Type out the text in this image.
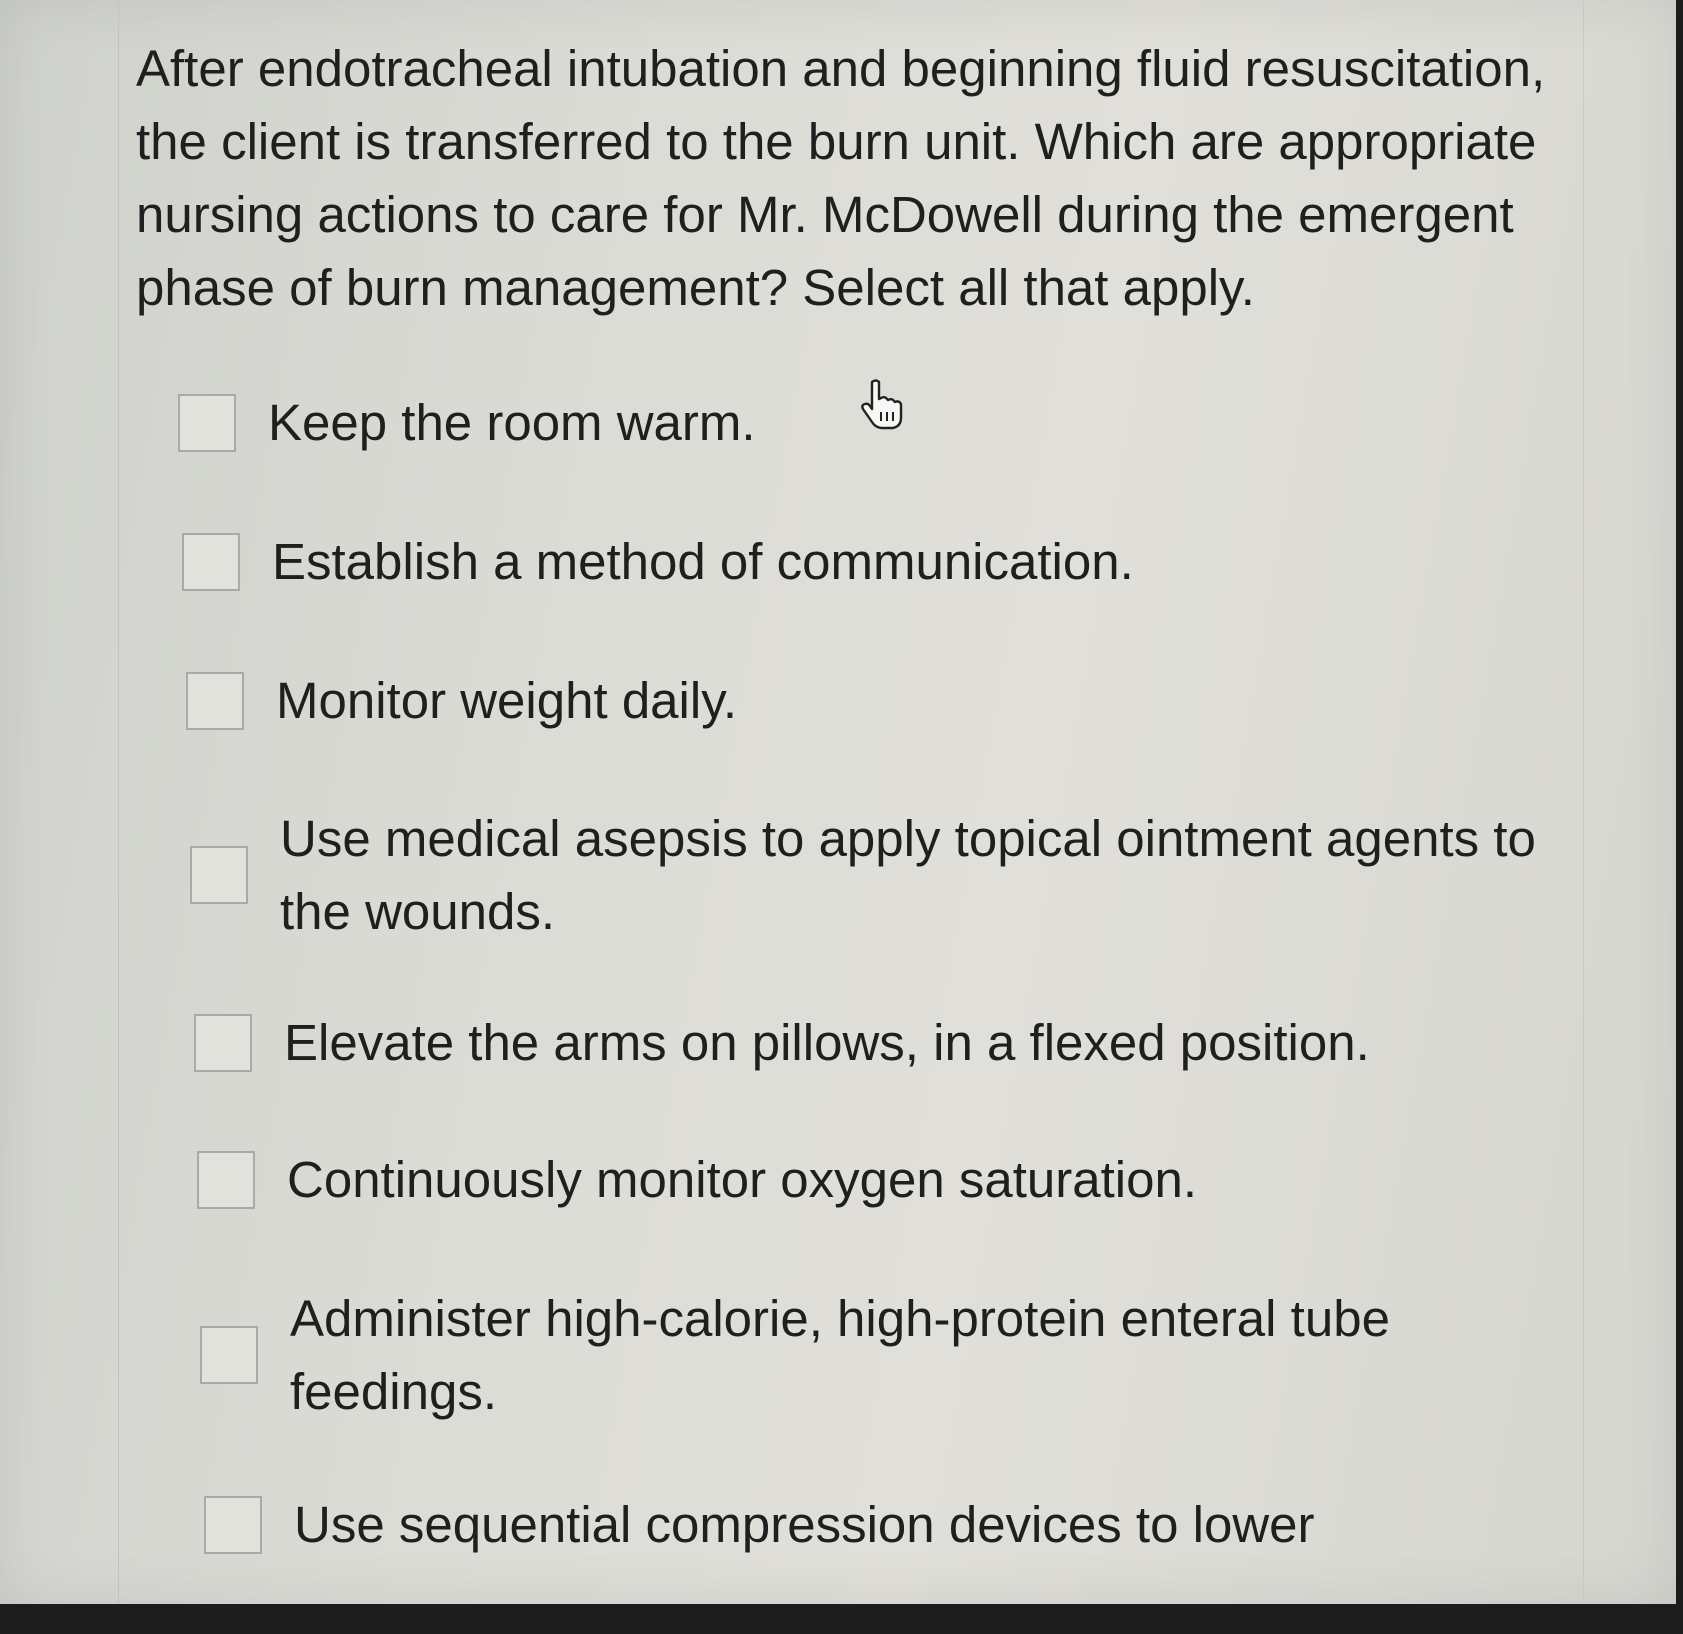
After endotracheal intubation and beginning fluid resuscitation, the client is transferred to the burn unit. Which are appropriate nursing actions to care for Mr. McDowell during the emergent phase of burn management? Select all that apply.

Keep the room warm.
Establish a method of communication.
Monitor weight daily.
Use medical asepsis to apply topical ointment agents to the wounds.
Elevate the arms on pillows, in a flexed position.
Continuously monitor oxygen saturation.
Administer high-calorie, high-protein enteral tube feedings.
Use sequential compression devices to lower
